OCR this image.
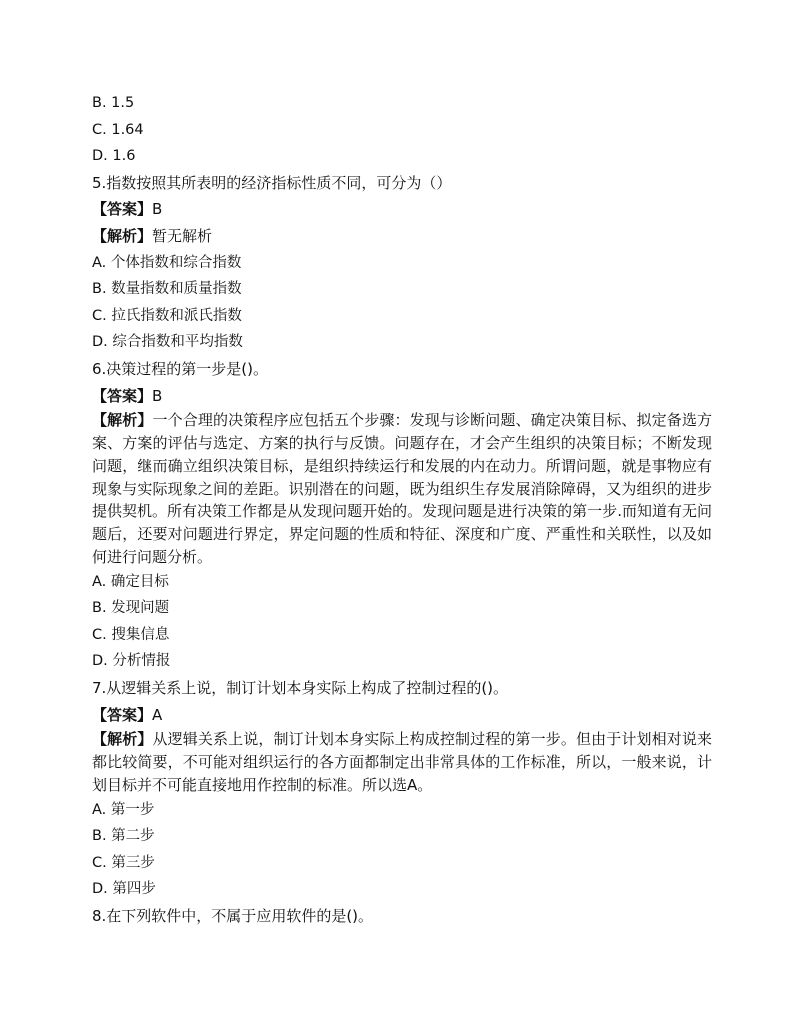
B. 1.5
C. 1.64
D. 1.6
5.指数按照其所表明的经济指标性质不同，可分为（）
【答案】B
【解析】暂无解析
A. 个体指数和综合指数
B. 数量指数和质量指数
C. 拉氏指数和派氏指数
D. 综合指数和平均指数
6.决策过程的第一步是()。
【答案】B
【解析】一个合理的决策程序应包括五个步骤：发现与诊断问题、确定决策目标、拟定备选方案、方案的评估与选定、方案的执行与反馈。问题存在，才会产生组织的决策目标；不断发现问题，继而确立组织决策目标，是组织持续运行和发展的内在动力。所谓问题，就是事物应有现象与实际现象之间的差距。识别潜在的问题，既为组织生存发展消除障碍，又为组织的进步提供契机。所有决策工作都是从发现问题开始的。发现问题是进行决策的第一步.而知道有无问题后，还要对问题进行界定，界定问题的性质和特征、深度和广度、严重性和关联性，以及如何进行问题分析。
A. 确定目标
B. 发现问题
C. 搜集信息
D. 分析情报
7.从逻辑关系上说，制订计划本身实际上构成了控制过程的()。
【答案】A
【解析】从逻辑关系上说，制订计划本身实际上构成控制过程的第一步。但由于计划相对说来都比较简要，不可能对组织运行的各方面都制定出非常具体的工作标准，所以，一般来说，计划目标并不可能直接地用作控制的标准。所以选A。
A. 第一步
B. 第二步
C. 第三步
D. 第四步
8.在下列软件中，不属于应用软件的是()。
